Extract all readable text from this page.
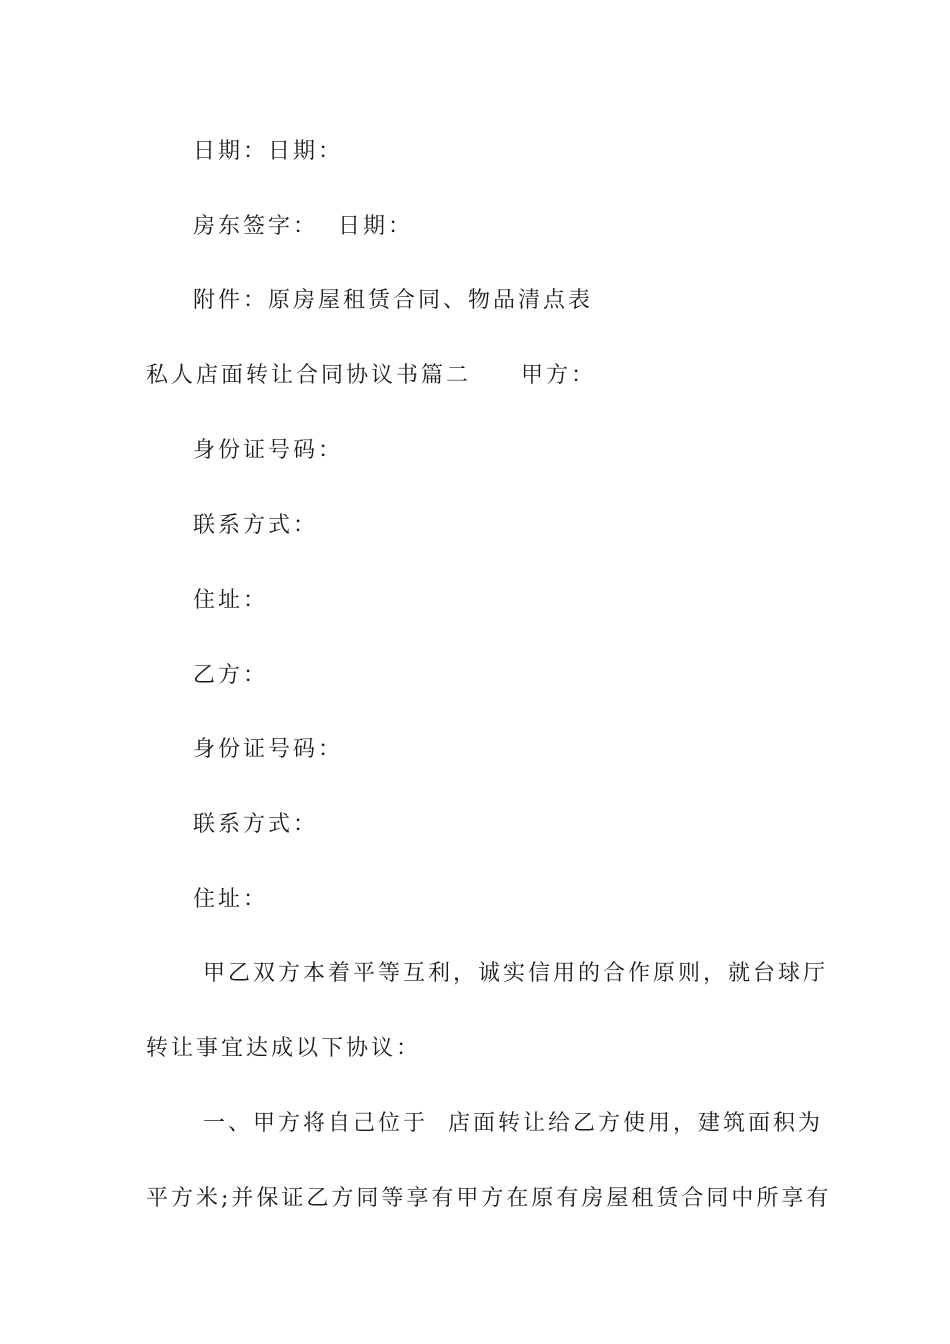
日期：日期：
房东签字：  日期：
附件：原房屋租赁合同、物品清点表
私人店面转让合同协议书篇二     甲方：
身份证号码：
联系方式：
住址：
乙方：
身份证号码：
联系方式：
住址：
甲乙双方本着平等互利，诚实信用的合作原则，就台球厅
转让事宜达成以下协议：
一、甲方将自己位于  店面转让给乙方使用，建筑面积为
平方米;并保证乙方同等享有甲方在原有房屋租赁合同中所享有
